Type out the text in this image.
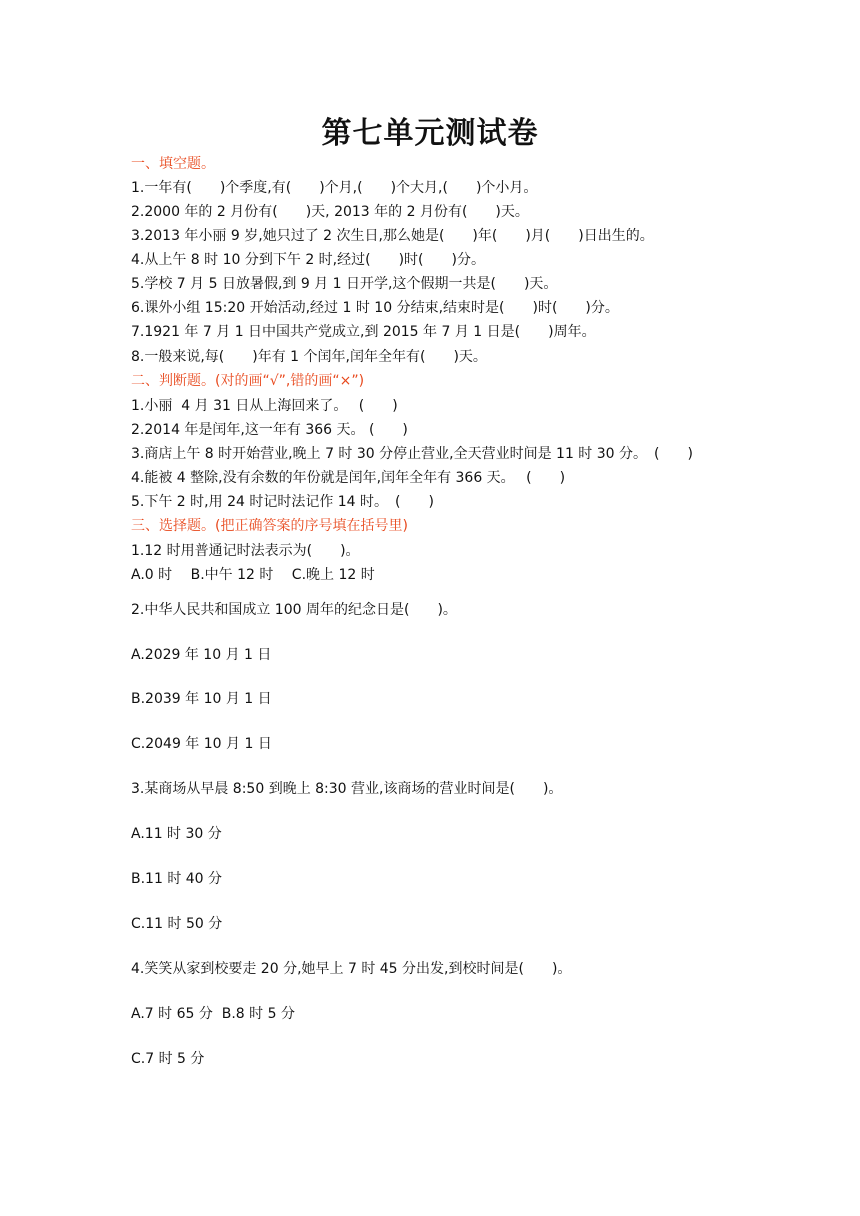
第七单元测试卷
一、填空题。
1.一年有(　　)个季度,有(　　)个月,(　　)个大月,(　　)个小月。
2.2000 年的 2 月份有(　　)天, 2013 年的 2 月份有(　　)天。
3.2013 年小丽 9 岁,她只过了 2 次生日,那么她是(　　)年(　　)月(　　)日出生的。
4.从上午 8 时 10 分到下午 2 时,经过(　　)时(　　)分。
5.学校 7 月 5 日放暑假,到 9 月 1 日开学,这个假期一共是(　　)天。
6.课外小组 15:20 开始活动,经过 1 时 10 分结束,结束时是(　　)时(　　)分。
7.1921 年 7 月 1 日中国共产党成立,到 2015 年 7 月 1 日是(　　)周年。
8.一般来说,每(　　)年有 1 个闰年,闰年全年有(　　)天。
二、判断题。(对的画“√”,错的画“×”)
1.小丽  4 月 31 日从上海回来了。　 (　　)
2.2014 年是闰年,这一年有 366 天。 (　　)
3.商店上午 8 时开始营业,晚上 7 时 30 分停止营业,全天营业时间是 11 时 30 分。　(　　)
4.能被 4 整除,没有余数的年份就是闰年,闰年全年有 366 天。　 (　　)
5.下午 2 时,用 24 时记时法记作 14 时。　(　　)
三、选择题。(把正确答案的序号填在括号里)
1.12 时用普通记时法表示为(　　)。
A.0 时　 B.中午 12 时　 C.晚上 12 时
2.中华人民共和国成立 100 周年的纪念日是(　　)。
A.2029 年 10 月 1 日
B.2039 年 10 月 1 日
C.2049 年 10 月 1 日
3.某商场从早晨 8:50 到晚上 8:30 营业,该商场的营业时间是(　　)。
A.11 时 30 分
B.11 时 40 分
C.11 时 50 分
4.笑笑从家到校要走 20 分,她早上 7 时 45 分出发,到校时间是(　　)。
A.7 时 65 分  B.8 时 5 分
C.7 时 5 分
